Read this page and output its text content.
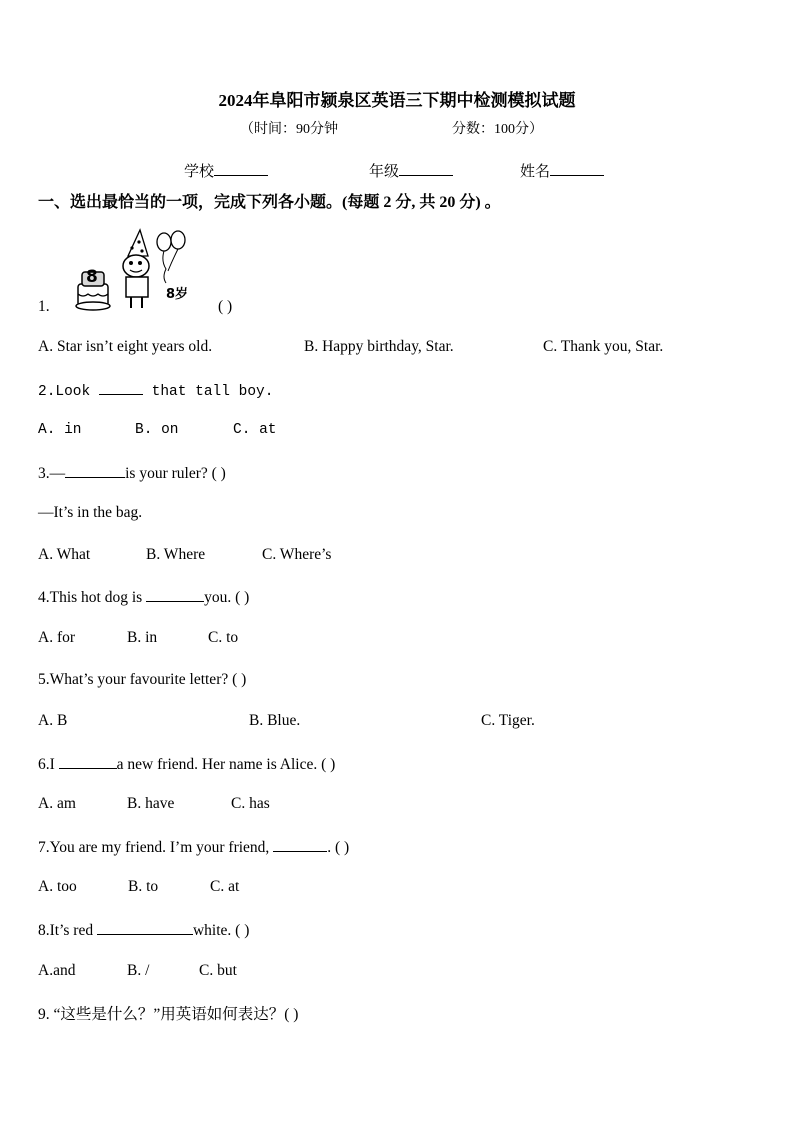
2024年阜阳市颍泉区英语三下期中检测模拟试题
（时间：90分钟	分数：100分）
学校	年级	姓名
一、选出最恰当的一项，完成下列各小题。(每题 2 分, 共 20 分) 。
8
8岁
1.	( )
A. Star isn’t eight years old.	B. Happy birthday, Star.	C. Thank you, Star.
2.Look	that tall boy.
A. in	B. on	C. at
3.—	is your ruler? ( )
—It’s in the bag.
A. What	B. Where	C. Where’s
4.This hot dog is	you. ( )
A. for	B. in	C. to
5.What’s your favourite letter? ( )
A. B	B. Blue.	C. Tiger.
6.I	a new friend. Her name is Alice. ( )
A. am	B. have	C. has
7.You are my friend. I’m your friend,	. ( )
A. too	B. to	C. at
8.It’s red	white. ( )
A.and	B. /	C. but
9. “这些是什么？”用英语如何表达？( )
